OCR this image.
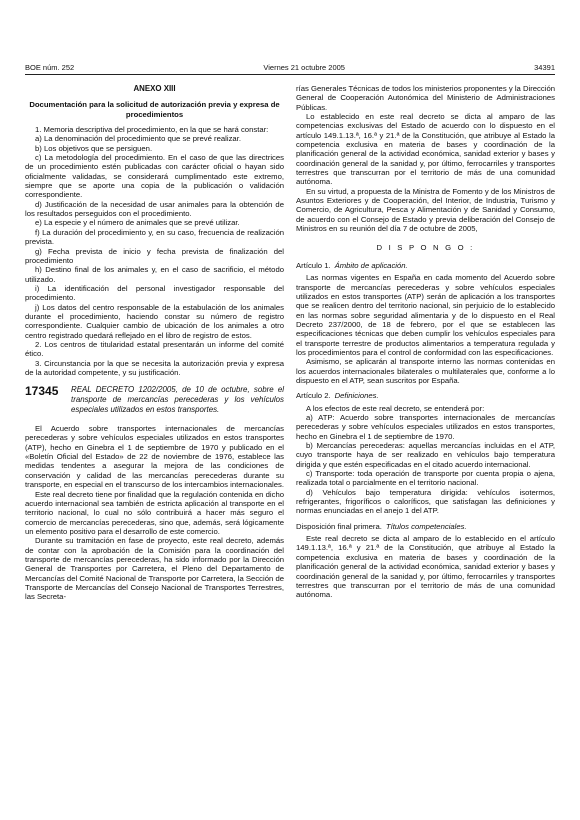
BOE núm. 252	Viernes 21 octubre 2005	34391
ANEXO XIII
Documentación para la solicitud de autorización previa y expresa de procedimientos

1. Memoria descriptiva del procedimiento, en la que se hará constar:

a) La denominación del procedimiento que se prevé realizar.

b) Los objetivos que se persiguen.

c) La metodología del procedimiento. En el caso de que las directrices de un procedimiento estén publicadas con carácter oficial o hayan sido oficialmente validadas, se considerará cumplimentado este extremo, siempre que se aporte una copia de la publicación o validación correspondiente.

d) Justificación de la necesidad de usar animales para la obtención de los resultados perseguidos con el procedimiento.

e) La especie y el número de animales que se prevé utilizar.

f) La duración del procedimiento y, en su caso, frecuencia de realización prevista.

g) Fecha prevista de inicio y fecha prevista de finalización del procedimiento

h) Destino final de los animales y, en el caso de sacrificio, el método utilizado.

i) La identificación del personal investigador responsable del procedimiento.

j) Los datos del centro responsable de la estabulación de los animales durante el procedimiento, haciendo constar su número de registro correspondiente. Cualquier cambio de ubicación de los animales a otro centro registrado quedará reflejado en el libro de registro de estos.

2. Los centros de titularidad estatal presentarán un informe del comité ético.

3. Circunstancia por la que se necesita la autorización previa y expresa de la autoridad competente, y su justificación.

17345	REAL DECRETO 1202/2005, de 10 de octubre, sobre el transporte de mercancías perecederas y los vehículos especiales utilizados en estos transportes.

El Acuerdo sobre transportes internacionales de mercancías perecederas y sobre vehículos especiales utilizados en estos transportes (ATP), hecho en Ginebra el 1 de septiembre de 1970 y publicado en el «Boletín Oficial del Estado» de 22 de noviembre de 1976, establece las medidas tendentes a asegurar la mejora de las condiciones de conservación y calidad de las mercancías perecederas durante su transporte, en especial en el transcurso de los intercambios internacionales.

Este real decreto tiene por finalidad que la regulación contenida en dicho acuerdo internacional sea también de estricta aplicación al transporte en el territorio nacional, lo cual no sólo contribuirá a hacer más seguro el comercio de mercancías perecederas, sino que, además, será lógicamente un elemento positivo para el desarrollo de este comercio.

Durante su tramitación en fase de proyecto, este real decreto, además de contar con la aprobación de la Comisión para la coordinación del transporte de mercancías perecederas, ha sido informado por la Dirección General de Transportes por Carretera, el Pleno del Departamento de Mercancías del Comité Nacional de Transporte por Carretera, la Sección de Transporte de Mercancías del Consejo Nacional de Transportes Terrestres, las Secreta-

rías Generales Técnicas de todos los ministerios proponentes y la Dirección General de Cooperación Autonómica del Ministerio de Administraciones Públicas.

Lo establecido en este real decreto se dicta al amparo de las competencias exclusivas del Estado de acuerdo con lo dispuesto en el artículo 149.1.13.ª, 16.ª y 21.ª de la Constitución, que atribuye al Estado la competencia exclusiva en materia de bases y coordinación de la planificación general de la actividad económica, sanidad exterior y bases y coordinación general de la sanidad y, por último, ferrocarriles y transportes terrestres que transcurran por el territorio de más de una comunidad autónoma.

En su virtud, a propuesta de la Ministra de Fomento y de los Ministros de Asuntos Exteriores y de Cooperación, del Interior, de Industria, Turismo y Comercio, de Agricultura, Pesca y Alimentación y de Sanidad y Consumo, de acuerdo con el Consejo de Estado y previa deliberación del Consejo de Ministros en su reunión del día 7 de octubre de 2005,

D I S P O N G O :

Artículo 1. Ámbito de aplicación.

Las normas vigentes en España en cada momento del Acuerdo sobre transporte de mercancías perecederas y sobre vehículos especiales utilizados en estos transportes (ATP) serán de aplicación a los transportes que se realicen dentro del territorio nacional, sin perjuicio de lo establecido en las normas sobre seguridad alimentaria y de lo dispuesto en el Real Decreto 237/2000, de 18 de febrero, por el que se establecen las especificaciones técnicas que deben cumplir los vehículos especiales para el transporte terrestre de productos alimentarios a temperatura regulada y los procedimientos para el control de conformidad con las especificaciones.

Asimismo, se aplicarán al transporte interno las normas contenidas en los acuerdos internacionales bilaterales o multilaterales que, conforme a lo dispuesto en el ATP, sean suscritos por España.

Artículo 2. Definiciones.

A los efectos de este real decreto, se entenderá por:

a) ATP: Acuerdo sobre transportes internacionales de mercancías perecederas y sobre vehículos especiales utilizados en estos transportes, hecho en Ginebra el 1 de septiembre de 1970.

b) Mercancías perecederas: aquellas mercancías incluidas en el ATP, cuyo transporte haya de ser realizado en vehículos bajo temperatura dirigida y que estén especificadas en el citado acuerdo internacional.

c) Transporte: toda operación de transporte por cuenta propia o ajena, realizada total o parcialmente en el territorio nacional.

d) Vehículos bajo temperatura dirigida: vehículos isotermos, refrigerantes, frigoríficos o caloríficos, que satisfagan las definiciones y normas enunciadas en el anejo 1 del ATP.

Disposición final primera. Títulos competenciales.

Este real decreto se dicta al amparo de lo establecido en el artículo 149.1.13.ª, 16.ª y 21.ª de la Constitución, que atribuye al Estado la competencia exclusiva en materia de bases y coordinación de la planificación general de la actividad económica, sanidad exterior y bases y coordinación general de la sanidad y, por último, ferrocarriles y transportes terrestres que transcurran por el territorio de más de una comunidad autónoma.
